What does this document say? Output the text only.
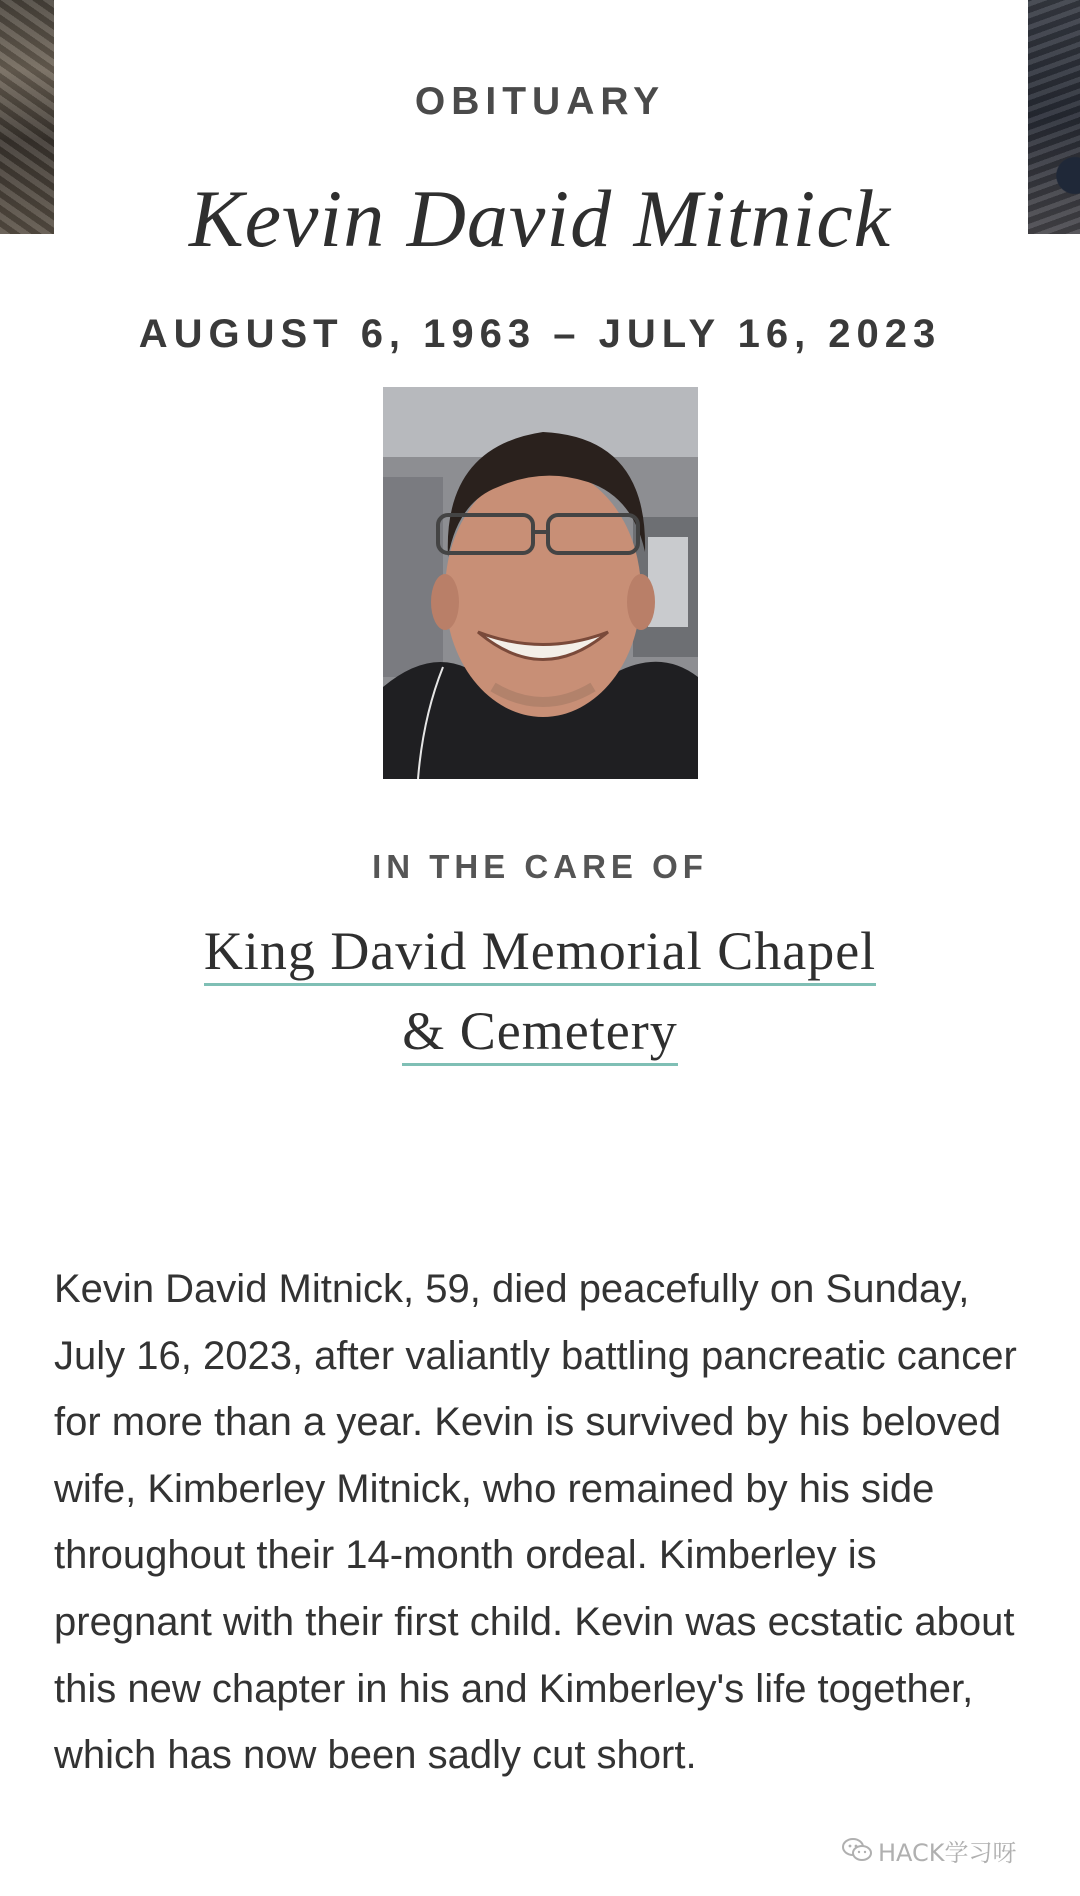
OBITUARY
Kevin David Mitnick
AUGUST 6, 1963 – JULY 16, 2023
IN THE CARE OF
King David Memorial Chapel
& Cemetery

Kevin David Mitnick, 59, died peacefully on Sunday, July 16, 2023, after valiantly battling pancreatic cancer for more than a year. Kevin is survived by his beloved wife, Kimberley Mitnick, who remained by his side throughout their 14-month ordeal. Kimberley is pregnant with their first child. Kevin was ecstatic about this new chapter in his and Kimberley's life together, which has now been sadly cut short.

HACK学习呀
